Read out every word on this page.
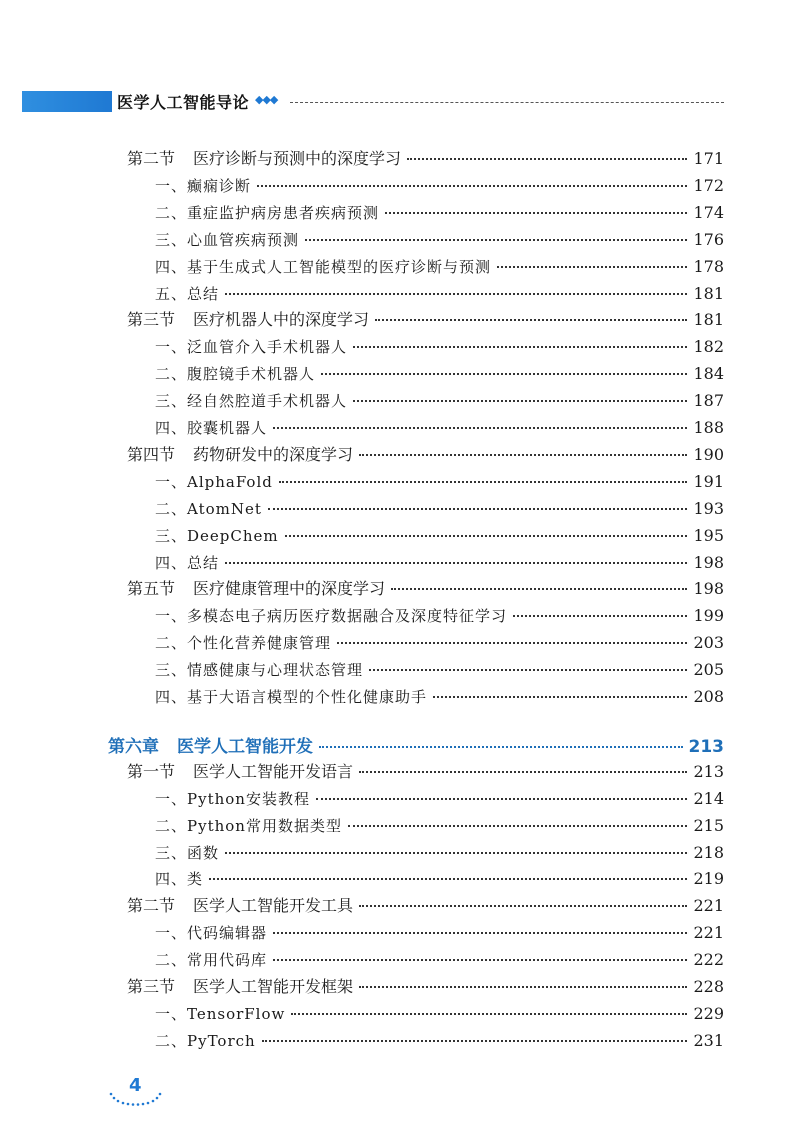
医学人工智能导论 ◆◆◆
第二节 医疗诊断与预测中的深度学习	171
一、癫痫诊断	172
二、重症监护病房患者疾病预测	174
三、心血管疾病预测	176
四、基于生成式人工智能模型的医疗诊断与预测	178
五、总结	181
第三节 医疗机器人中的深度学习	181
一、泛血管介入手术机器人	182
二、腹腔镜手术机器人	184
三、经自然腔道手术机器人	187
四、胶囊机器人	188
第四节 药物研发中的深度学习	190
一、AlphaFold	191
二、AtomNet	193
三、DeepChem	195
四、总结	198
第五节 医疗健康管理中的深度学习	198
一、多模态电子病历医疗数据融合及深度特征学习	199
二、个性化营养健康管理	203
三、情感健康与心理状态管理	205
四、基于大语言模型的个性化健康助手	208
第六章 医学人工智能开发	213
第一节 医学人工智能开发语言	213
一、Python安装教程	214
二、Python常用数据类型	215
三、函数	218
四、类	219
第二节 医学人工智能开发工具	221
一、代码编辑器	221
二、常用代码库	222
第三节 医学人工智能开发框架	228
一、TensorFlow	229
二、PyTorch	231
4
